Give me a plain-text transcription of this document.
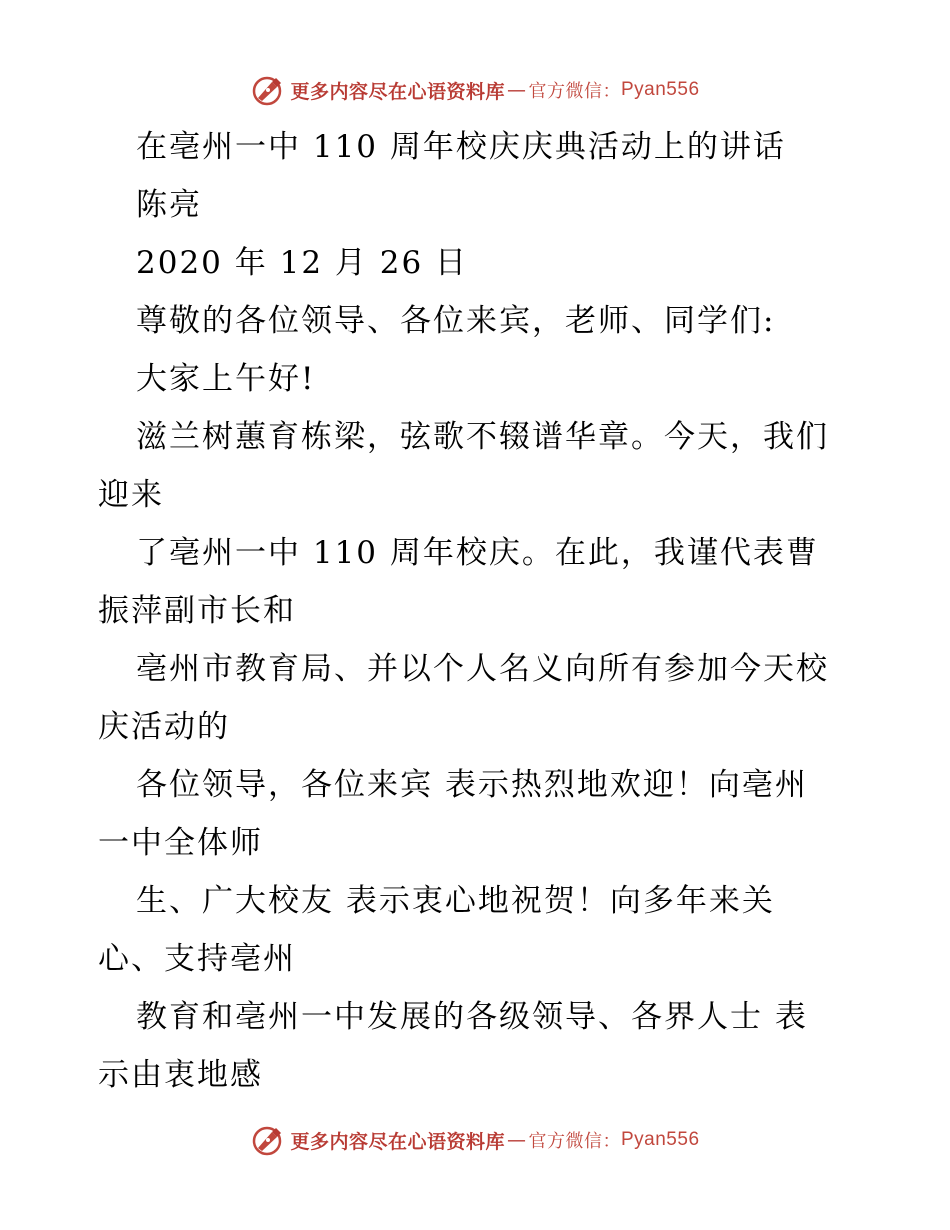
更多内容尽在心语资料库 — 官方微信： Pyan556
在亳州一中 110 周年校庆庆典活动上的讲话
陈亮
2020 年 12 月 26 日
尊敬的各位领导、各位来宾，老师、同学们:
大家上午好!
滋兰树蕙育栋梁，弦歌不辍谱华章。今天，我们
迎来
了亳州一中 110 周年校庆。在此，我谨代表曹
振萍副市长和
亳州市教育局、并以个人名义向所有参加今天校
庆活动的
各位领导，各位来宾 表示热烈地欢迎！向亳州
一中全体师
生、广大校友 表示衷心地祝贺！向多年来关
心、支持亳州
教育和亳州一中发展的各级领导、各界人士 表
示由衷地感
更多内容尽在心语资料库 — 官方微信： Pyan556
